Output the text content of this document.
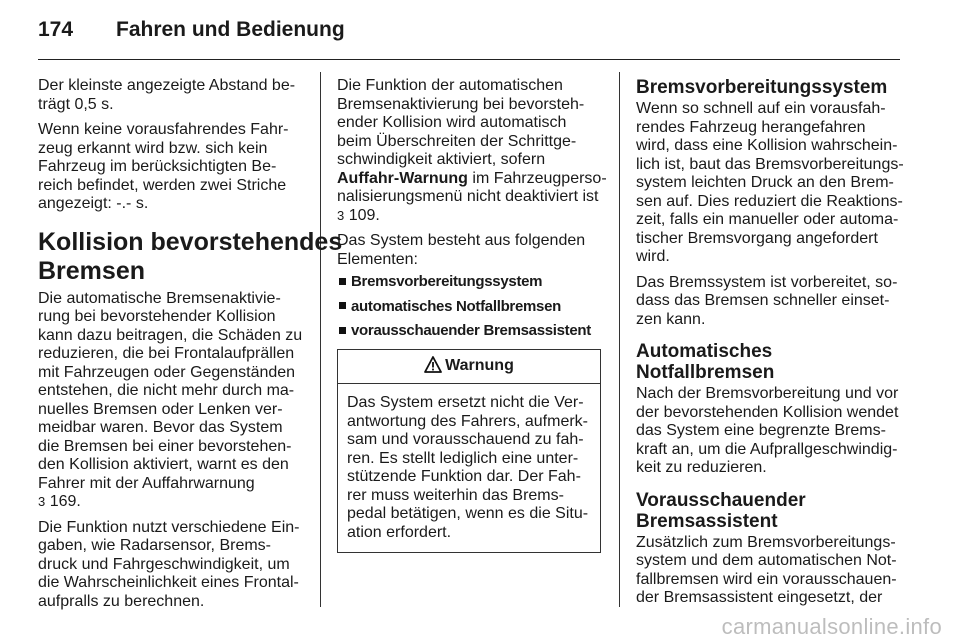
174	Fahren und Bedienung

Der kleinste angezeigte Abstand be-
trägt 0,5 s.

Wenn keine vorausfahrendes Fahr-
zeug erkannt wird bzw. sich kein
Fahrzeug im berücksichtigten Be-
reich befindet, werden zwei Striche
angezeigt: -.- s.

Kollision bevorstehendes
Bremsen

Die automatische Bremsenaktivie-
rung bei bevorstehender Kollision
kann dazu beitragen, die Schäden zu
reduzieren, die bei Frontalaufprällen
mit Fahrzeugen oder Gegenständen
entstehen, die nicht mehr durch ma-
nuelles Bremsen oder Lenken ver-
meidbar waren. Bevor das System
die Bremsen bei einer bevorstehen-
den Kollision aktiviert, warnt es den
Fahrer mit der Auffahrwarnung
3 169.

Die Funktion nutzt verschiedene Ein-
gaben, wie Radarsensor, Brems-
druck und Fahrgeschwindigkeit, um
die Wahrscheinlichkeit eines Frontal-
aufpralls zu berechnen.

Die Funktion der automatischen
Bremsenaktivierung bei bevorsteh-
ender Kollision wird automatisch
beim Überschreiten der Schrittge-
schwindigkeit aktiviert, sofern
Auffahr-Warnung im Fahrzeugperso-
nalisierungsmenü nicht deaktiviert ist
3 109.

Das System besteht aus folgenden
Elementen:

Bremsvorbereitungssystem
automatisches Notfallbremsen
vorausschauender Bremsassistent
Warnung
Das System ersetzt nicht die Ver-
antwortung des Fahrers, aufmerk-
sam und vorausschauend zu fah-
ren. Es stellt lediglich eine unter-
stützende Funktion dar. Der Fah-
rer muss weiterhin das Brems-
pedal betätigen, wenn es die Situ-
ation erfordert.
Bremsvorbereitungssystem

Wenn so schnell auf ein vorausfah-
rendes Fahrzeug herangefahren
wird, dass eine Kollision wahrschein-
lich ist, baut das Bremsvorbereitungs-
system leichten Druck an den Brem-
sen auf. Dies reduziert die Reaktions-
zeit, falls ein manueller oder automa-
tischer Bremsvorgang angefordert
wird.

Das Bremssystem ist vorbereitet, so-
dass das Bremsen schneller einset-
zen kann.

Automatisches Notfallbremsen

Nach der Bremsvorbereitung und vor
der bevorstehenden Kollision wendet
das System eine begrenzte Brems-
kraft an, um die Aufprallgeschwindig-
keit zu reduzieren.

Vorausschauender
Bremsassistent

Zusätzlich zum Bremsvorbereitungs-
system und dem automatischen Not-
fallbremsen wird ein vorausschauen-
der Bremsassistent eingesetzt, der

carmanualsonline.info
